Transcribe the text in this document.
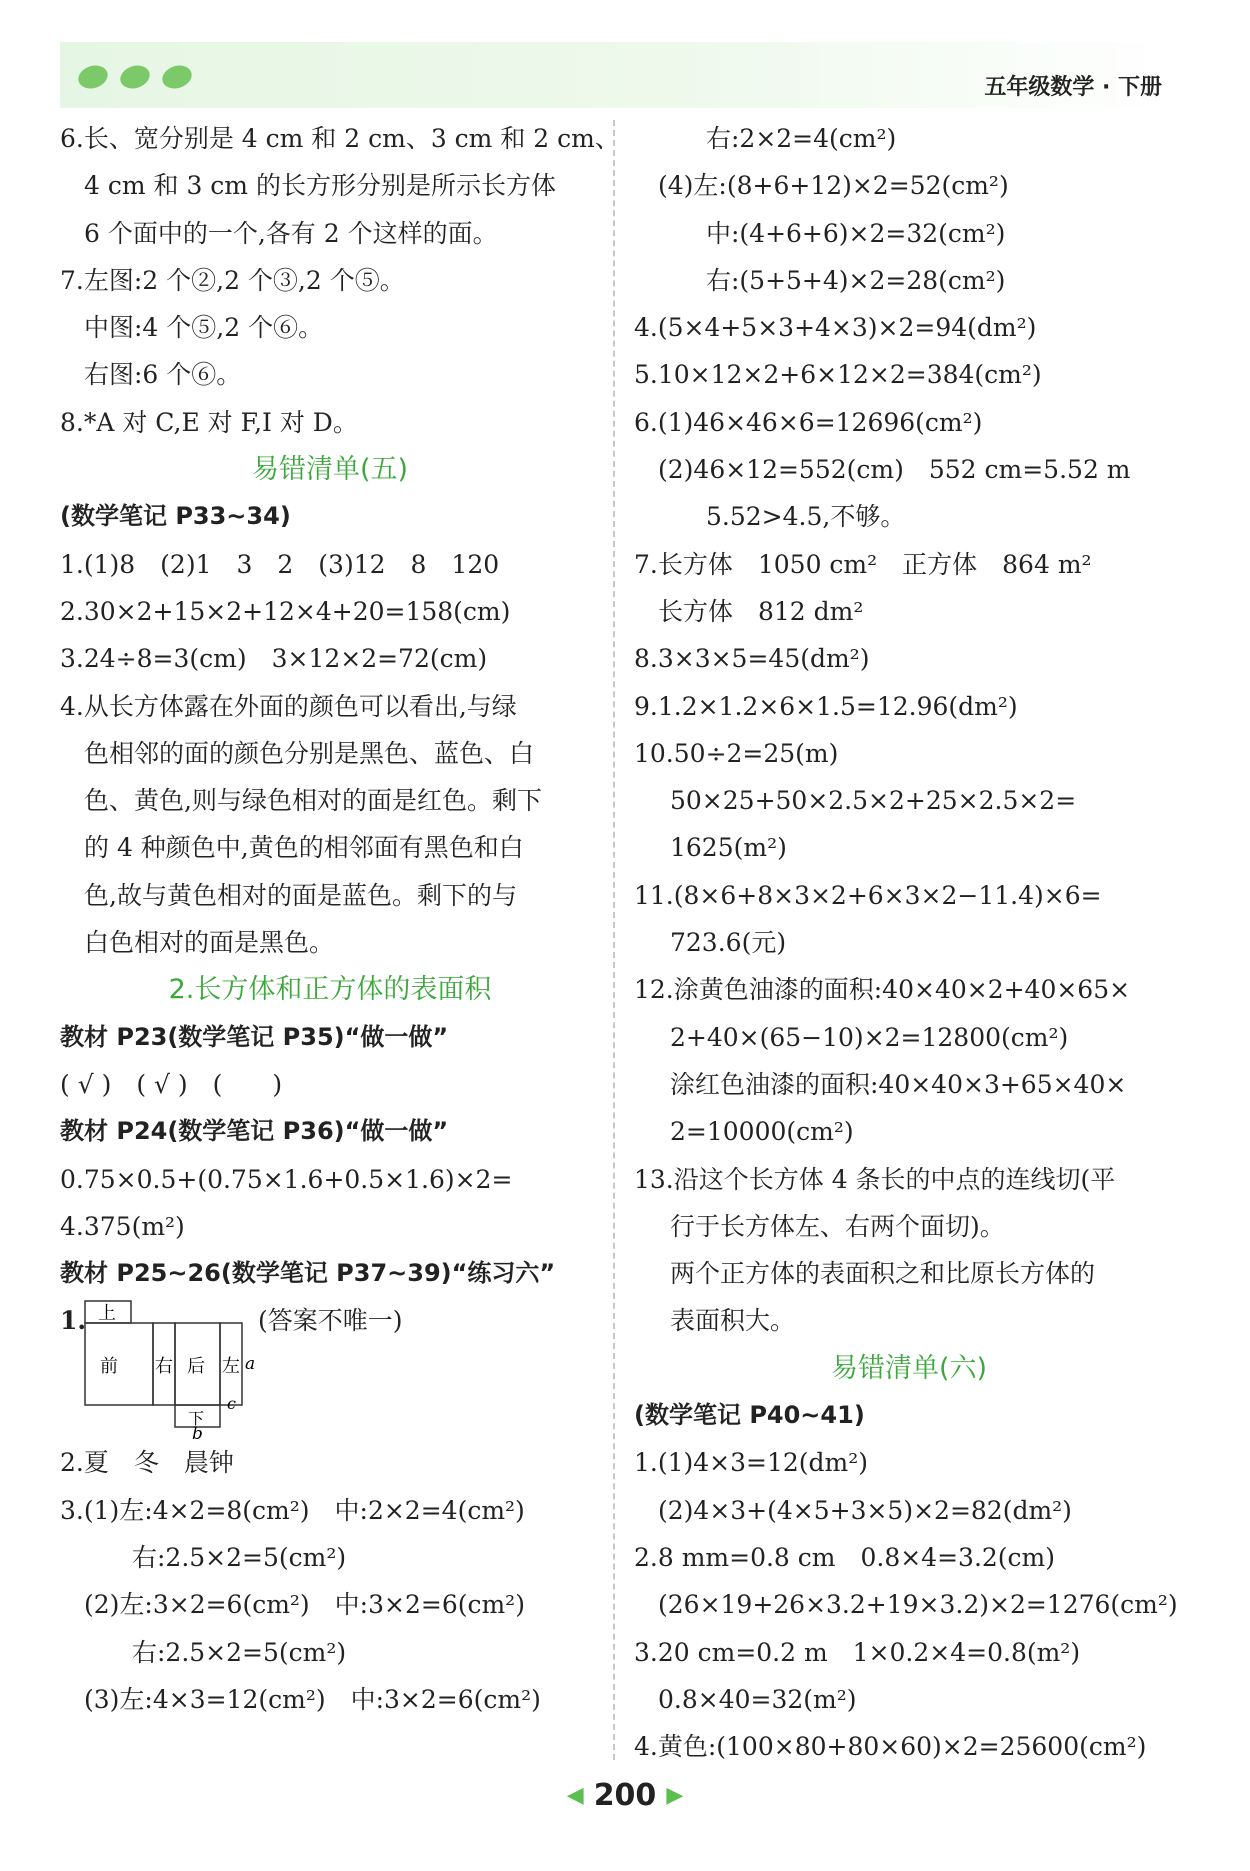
五年级数学 · 下册
6.长、宽分别是 4 cm 和 2 cm、3 cm 和 2 cm、
4 cm 和 3 cm 的长方形分别是所示长方体
6 个面中的一个,各有 2 个这样的面。
7.左图:2 个②,2 个③,2 个⑤。
中图:4 个⑤,2 个⑥。
右图:6 个⑥。
8.*A 对 C,E 对 F,I 对 D。
易错清单(五)
(数学笔记 P33~34)
1.(1)8　(2)1　3　2　(3)12　8　120
2.30×2+15×2+12×4+20=158(cm)
3.24÷8=3(cm)　3×12×2=72(cm)
4.从长方体露在外面的颜色可以看出,与绿
色相邻的面的颜色分别是黑色、蓝色、白
色、黄色,则与绿色相对的面是红色。剩下
的 4 种颜色中,黄色的相邻面有黑色和白
色,故与黄色相对的面是蓝色。剩下的与
白色相对的面是黑色。
2.长方体和正方体的表面积
教材 P23(数学笔记 P35)“做一做”
( √ )　( √ )　(　　)
教材 P24(数学笔记 P36)“做一做”
0.75×0.5+(0.75×1.6+0.5×1.6)×2=
4.375(m²)
教材 P25~26(数学笔记 P37~39)“练习六”
1. 上
前 右 后 左
下
a
c
b
(答案不唯一)
2.夏　冬　晨钟
3.(1)左:4×2=8(cm²)　中:2×2=4(cm²)
右:2.5×2=5(cm²)
(2)左:3×2=6(cm²)　中:3×2=6(cm²)
右:2.5×2=5(cm²)
(3)左:4×3=12(cm²)　中:3×2=6(cm²)
右:2×2=4(cm²)
(4)左:(8+6+12)×2=52(cm²)
中:(4+6+6)×2=32(cm²)
右:(5+5+4)×2=28(cm²)
4.(5×4+5×3+4×3)×2=94(dm²)
5.10×12×2+6×12×2=384(cm²)
6.(1)46×46×6=12696(cm²)
(2)46×12=552(cm)　552 cm=5.52 m
5.52>4.5,不够。
7.长方体　1050 cm²　正方体　864 m²
长方体　812 dm²
8.3×3×5=45(dm²)
9.1.2×1.2×6×1.5=12.96(dm²)
10.50÷2=25(m)
50×25+50×2.5×2+25×2.5×2=
1625(m²)
11.(8×6+8×3×2+6×3×2−11.4)×6=
723.6(元)
12.涂黄色油漆的面积:40×40×2+40×65×
2+40×(65−10)×2=12800(cm²)
涂红色油漆的面积:40×40×3+65×40×
2=10000(cm²)
13.沿这个长方体 4 条长的中点的连线切(平
行于长方体左、右两个面切)。
两个正方体的表面积之和比原长方体的
表面积大。
易错清单(六)
(数学笔记 P40~41)
1.(1)4×3=12(dm²)
(2)4×3+(4×5+3×5)×2=82(dm²)
2.8 mm=0.8 cm　0.8×4=3.2(cm)
(26×19+26×3.2+19×3.2)×2=1276(cm²)
3.20 cm=0.2 m　1×0.2×4=0.8(m²)
0.8×40=32(m²)
4.黄色:(100×80+80×60)×2=25600(cm²)
◀ 200 ▶
